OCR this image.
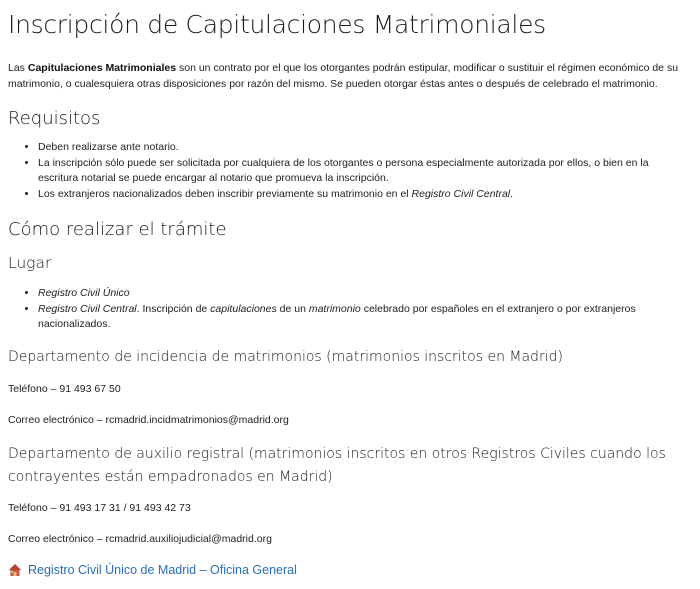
Inscripción de Capitulaciones Matrimoniales

Las Capitulaciones Matrimoniales son un contrato por el que los otorgantes podrán estipular, modificar o sustituir el régimen económico de su matrimonio, o cualesquiera otras disposiciones por razón del mismo. Se pueden otorgar éstas antes o después de celebrado el matrimonio.

Requisitos
• Deben realizarse ante notario.
• La inscripción sólo puede ser solicitada por cualquiera de los otorgantes o persona especialmente autorizada por ellos, o bien en la escritura notarial se puede encargar al notario que promueva la inscripción.
• Los extranjeros nacionalizados deben inscribir previamente su matrimonio en el Registro Civil Central.
Cómo realizar el trámite
Lugar
• Registro Civil Único
• Registro Civil Central. Inscripción de capitulaciones de un matrimonio celebrado por españoles en el extranjero o por extranjeros nacionalizados.
Departamento de incidencia de matrimonios (matrimonios inscritos en Madrid)
Teléfono – 91 493 67 50
Correo electrónico – rcmadrid.incidmatrimonios@madrid.org
Departamento de auxilio registral (matrimonios inscritos en otros Registros Civiles cuando los contrayentes están empadronados en Madrid)
Teléfono – 91 493 17 31 / 91 493 42 73
Correo electrónico – rcmadrid.auxiliojudicial@madrid.org
Registro Civil Único de Madrid – Oficina General
